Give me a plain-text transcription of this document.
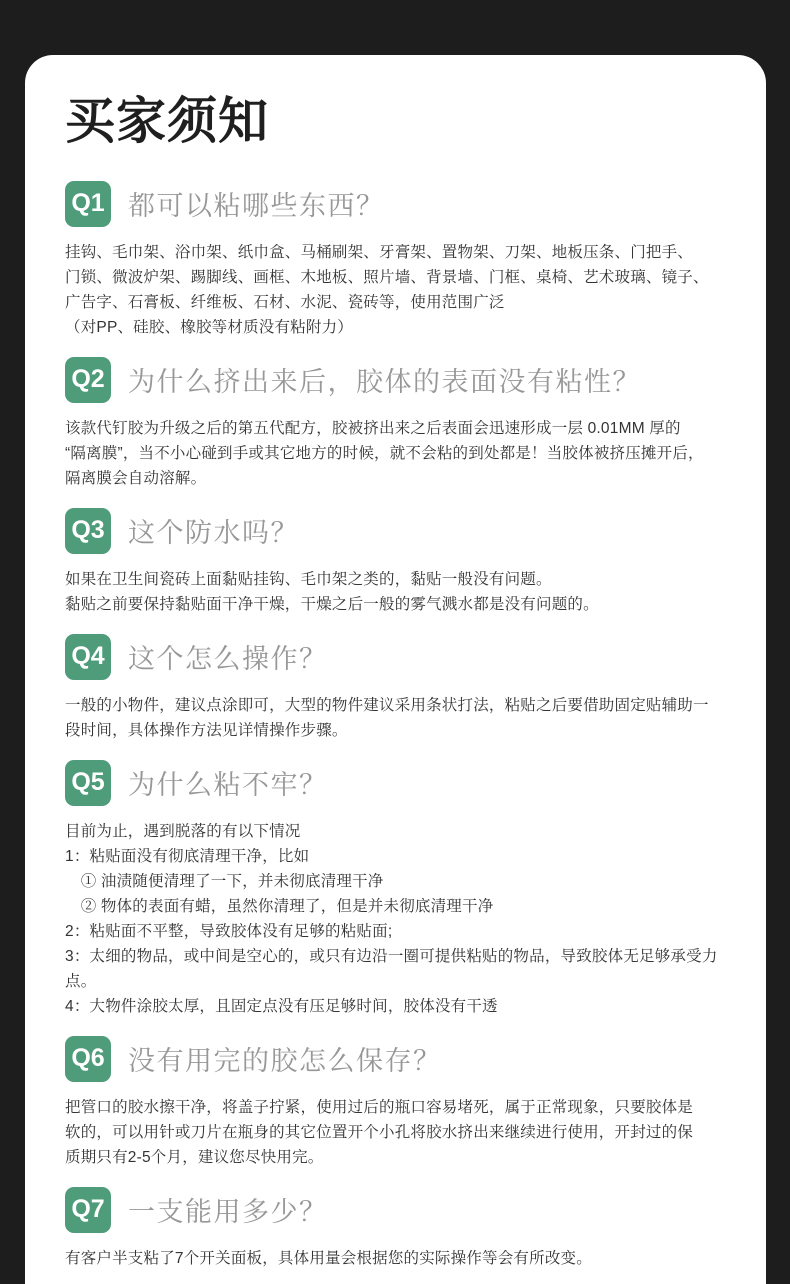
买家须知
Q1 都可以粘哪些东西？
挂钩、毛巾架、浴巾架、纸巾盒、马桶刷架、牙膏架、置物架、刀架、地板压条、门把手、
门锁、微波炉架、踢脚线、画框、木地板、照片墙、背景墙、门框、桌椅、艺术玻璃、镜子、
广告字、石膏板、纤维板、石材、水泥、瓷砖等，使用范围广泛
（对PP、硅胶、橡胶等材质没有粘附力）
Q2 为什么挤出来后，胶体的表面没有粘性？
该款代钉胶为升级之后的第五代配方，胶被挤出来之后表面会迅速形成一层 0.01MM 厚的
“隔离膜”，当不小心碰到手或其它地方的时候，就不会粘的到处都是！当胶体被挤压摊开后，
隔离膜会自动溶解。
Q3 这个防水吗？
如果在卫生间瓷砖上面黏贴挂钩、毛巾架之类的，黏贴一般没有问题。
黏贴之前要保持黏贴面干净干燥，干燥之后一般的雾气溅水都是没有问题的。
Q4 这个怎么操作？
一般的小物件，建议点涂即可，大型的物件建议采用条状打法，粘贴之后要借助固定贴辅助一
段时间，具体操作方法见详情操作步骤。
Q5 为什么粘不牢？
目前为止，遇到脱落的有以下情况
1：粘贴面没有彻底清理干净，比如
　① 油渍随便清理了一下，并未彻底清理干净
　② 物体的表面有蜡，虽然你清理了，但是并未彻底清理干净
2：粘贴面不平整，导致胶体没有足够的粘贴面;
3：太细的物品，或中间是空心的，或只有边沿一圈可提供粘贴的物品，导致胶体无足够承受力点。
4：大物件涂胶太厚，且固定点没有压足够时间，胶体没有干透
Q6 没有用完的胶怎么保存？
把管口的胶水擦干净，将盖子拧紧，使用过后的瓶口容易堵死，属于正常现象，只要胶体是
软的，可以用针或刀片在瓶身的其它位置开个小孔将胶水挤出来继续进行使用，开封过的保
质期只有2-5个月，建议您尽快用完。
Q7 一支能用多少？
有客户半支粘了7个开关面板，具体用量会根据您的实际操作等会有所改变。
